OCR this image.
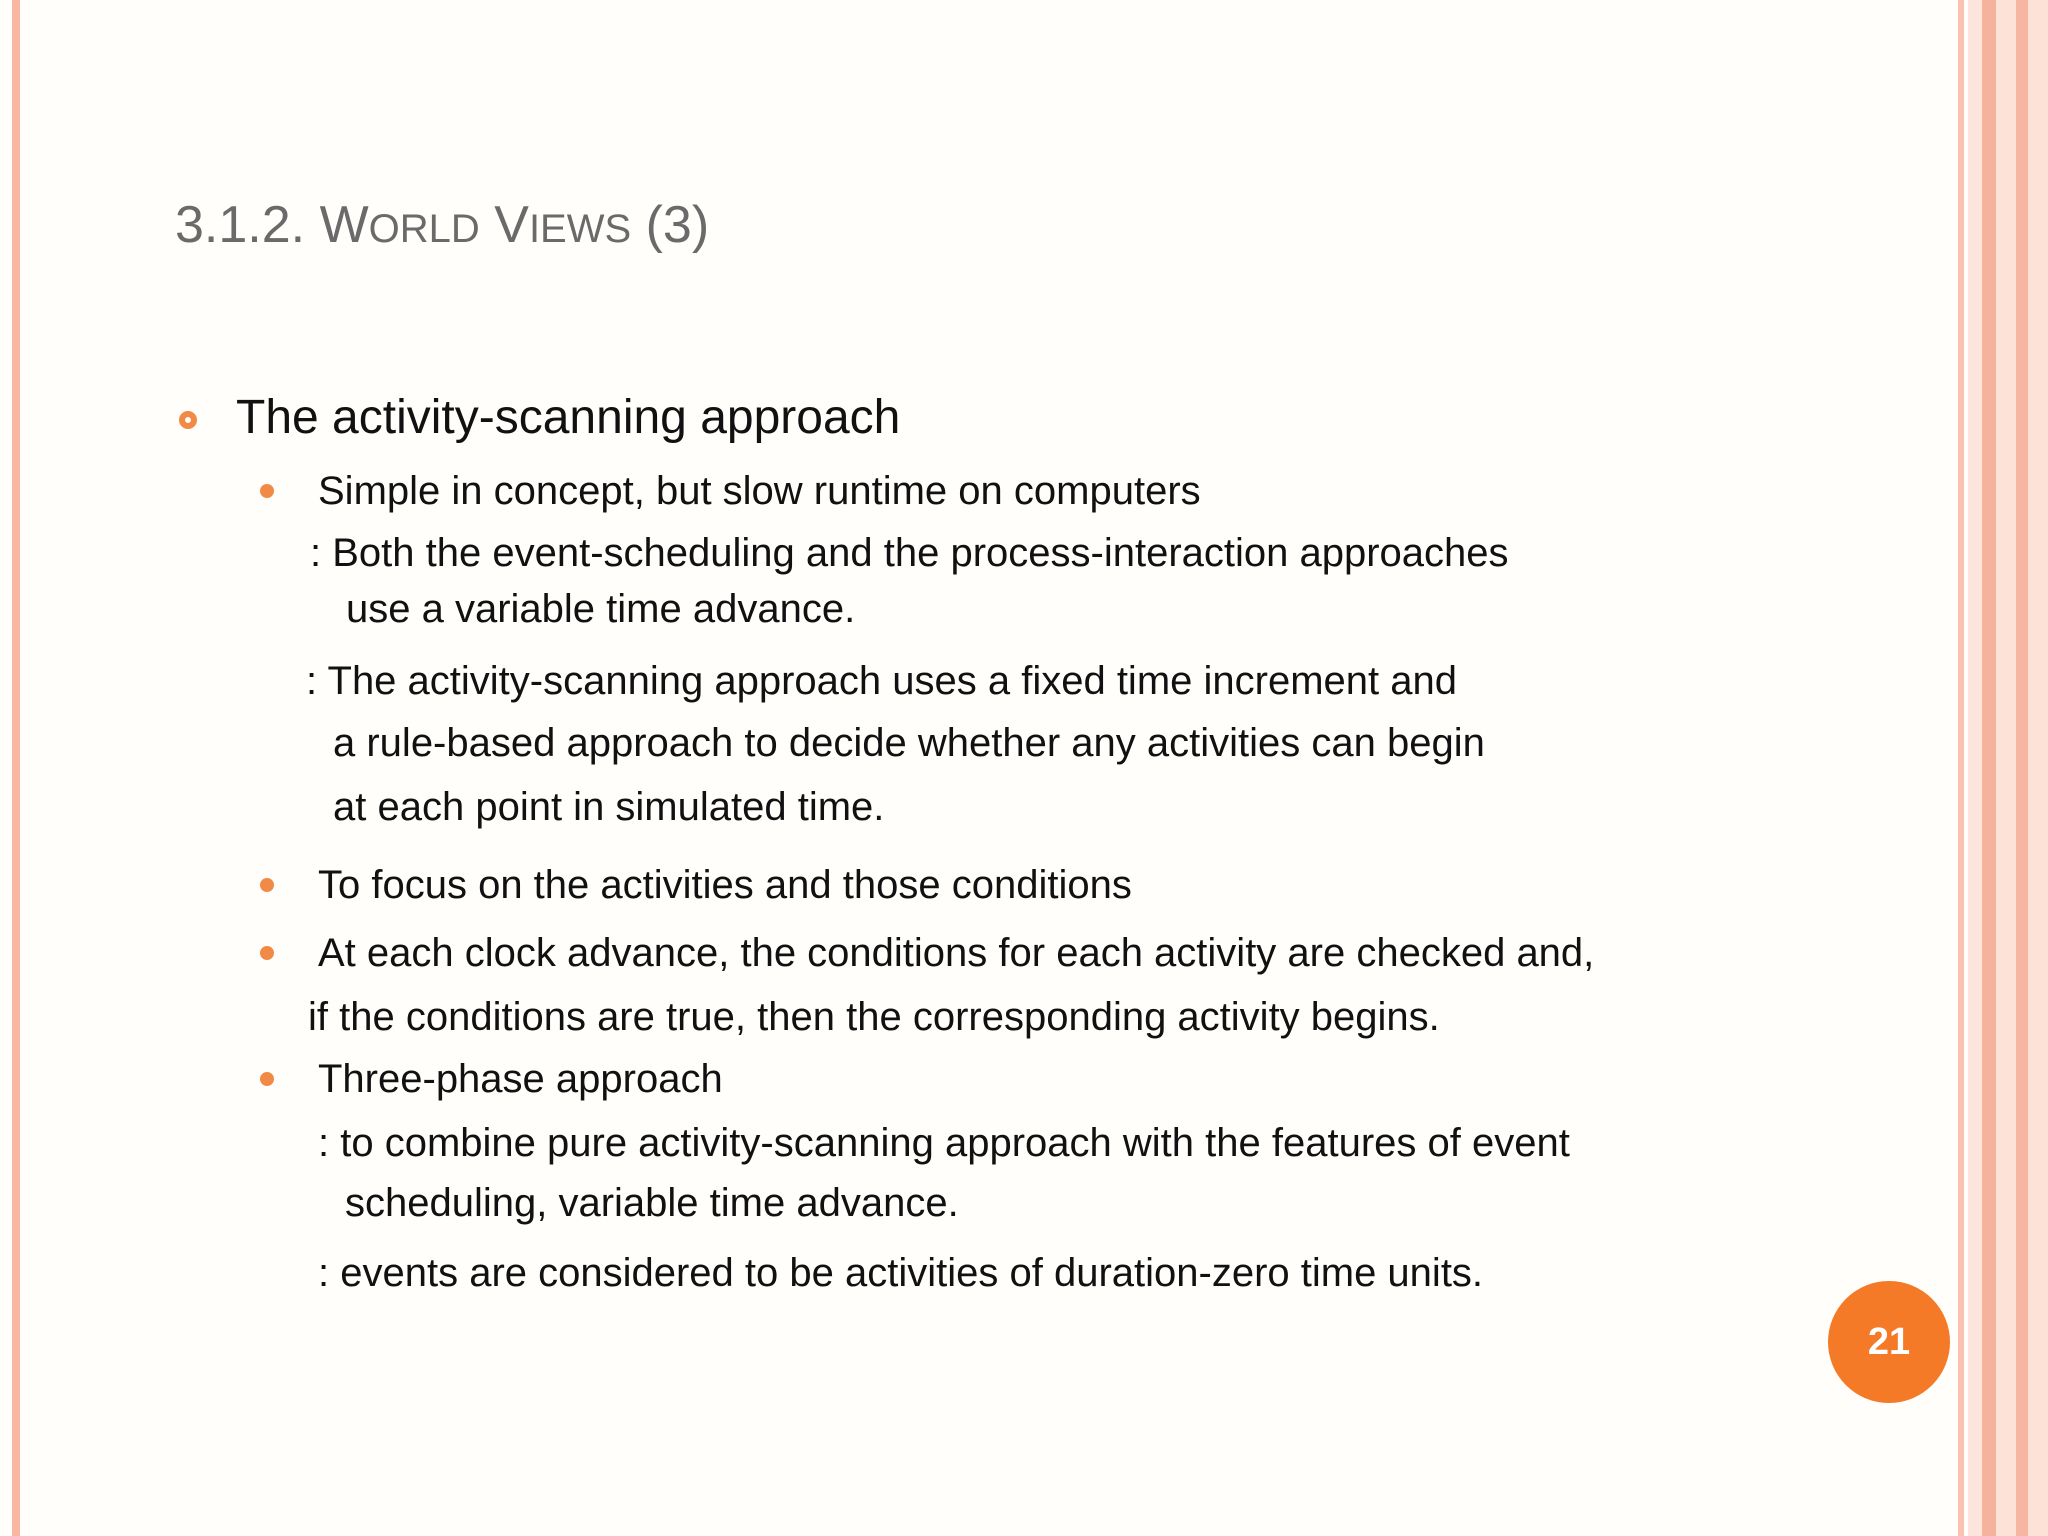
3.1.2. WORLD VIEWS (3)
The activity-scanning approach
Simple in concept, but slow runtime on computers
: Both the event-scheduling and the process-interaction approaches
use a variable time advance.
: The activity-scanning approach uses a fixed time increment and
a rule-based approach to decide whether any activities can begin
at each point in simulated time.
To focus on the activities and those conditions
At each clock advance, the conditions for each activity are checked and,
if the conditions are true, then the corresponding activity begins.
Three-phase approach
: to combine pure activity-scanning approach with the features of event
scheduling, variable time advance.
: events are considered to be activities of duration-zero time units.
21
